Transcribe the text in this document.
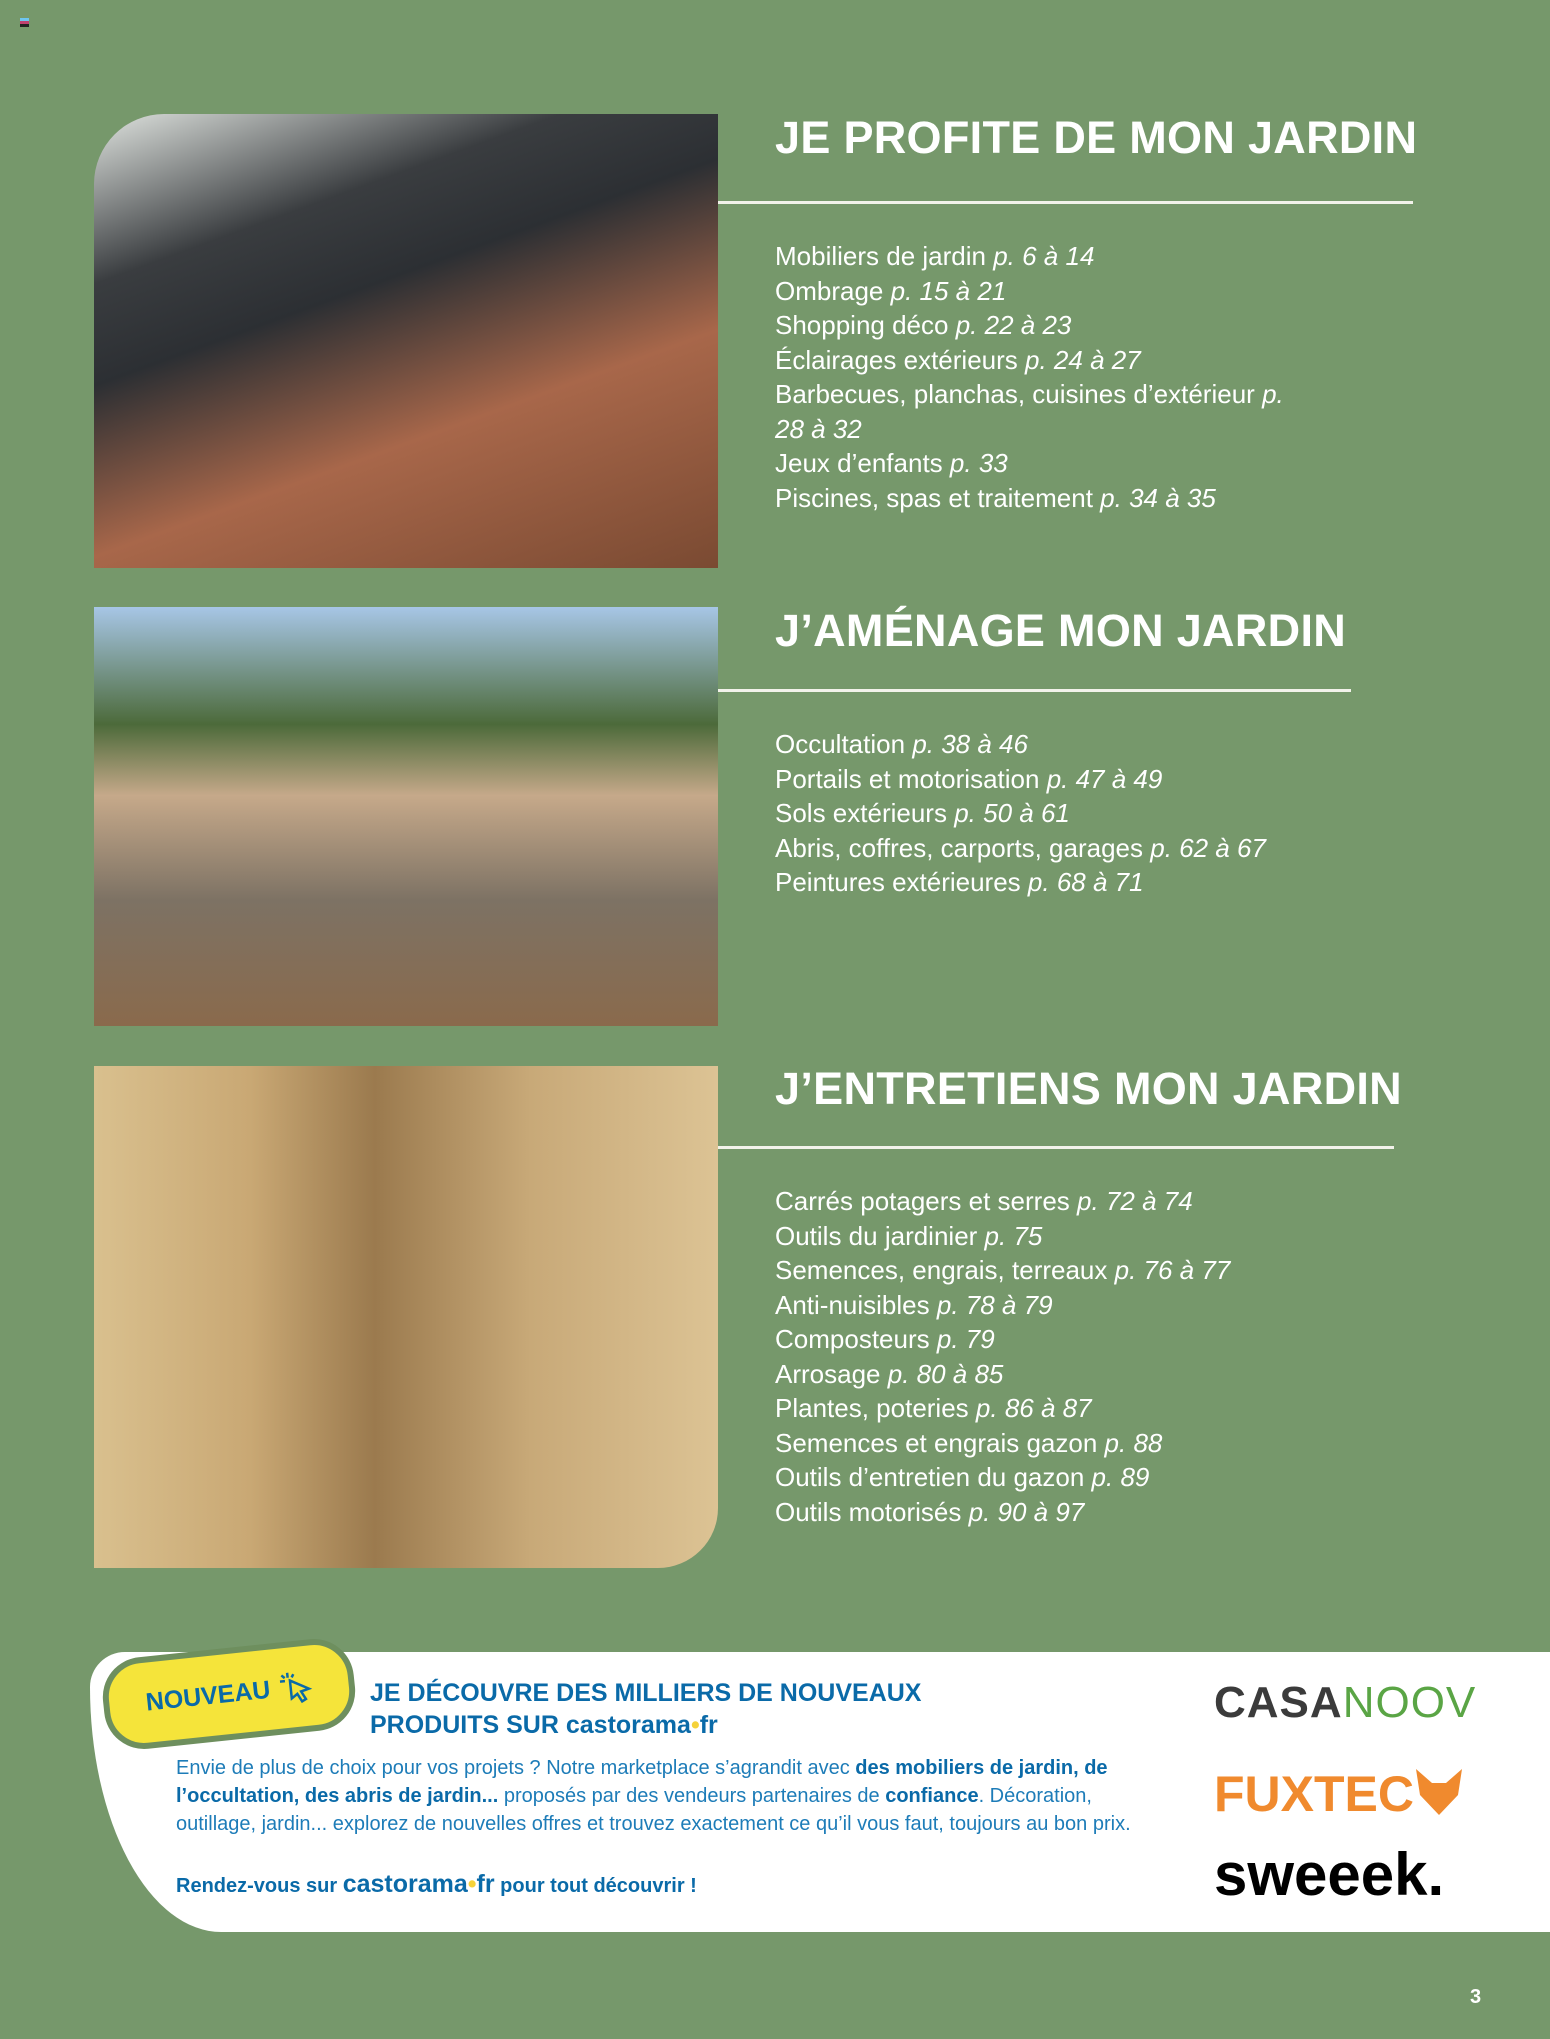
JE PROFITE DE MON JARDIN
Mobiliers de jardin p. 6 à 14
Ombrage p. 15 à 21
Shopping déco p. 22 à 23
Éclairages extérieurs p. 24 à 27
Barbecues, planchas, cuisines d’extérieur p. 28 à 32
Jeux d’enfants p. 33
Piscines, spas et traitement p. 34 à 35
J’AMÉNAGE MON JARDIN
Occultation p. 38 à 46
Portails et motorisation p. 47 à 49
Sols extérieurs p. 50 à 61
Abris, coffres, carports, garages p. 62 à 67
Peintures extérieures p. 68 à 71
J’ENTRETIENS MON JARDIN
Carrés potagers et serres p. 72 à 74
Outils du jardinier p. 75
Semences, engrais, terreaux p. 76 à 77
Anti-nuisibles p. 78 à 79
Composteurs p. 79
Arrosage p. 80 à 85
Plantes, poteries p. 86 à 87
Semences et engrais gazon p. 88
Outils d’entretien du gazon p. 89
Outils motorisés p. 90 à 97
NOUVEAU	JE DÉCOUVRE DES MILLIERS DE NOUVEAUX
PRODUITS SUR castorama•fr
Envie de plus de choix pour vos projets ? Notre marketplace s’agrandit avec des mobiliers de jardin, de l’occultation, des abris de jardin... proposés par des vendeurs partenaires de confiance. Décoration, outillage, jardin... explorez de nouvelles offres et trouvez exactement ce qu’il vous faut, toujours au bon prix.
Rendez-vous sur castorama•fr pour tout découvrir !
CASANOOV
FUXTEC
sweeek.
3
